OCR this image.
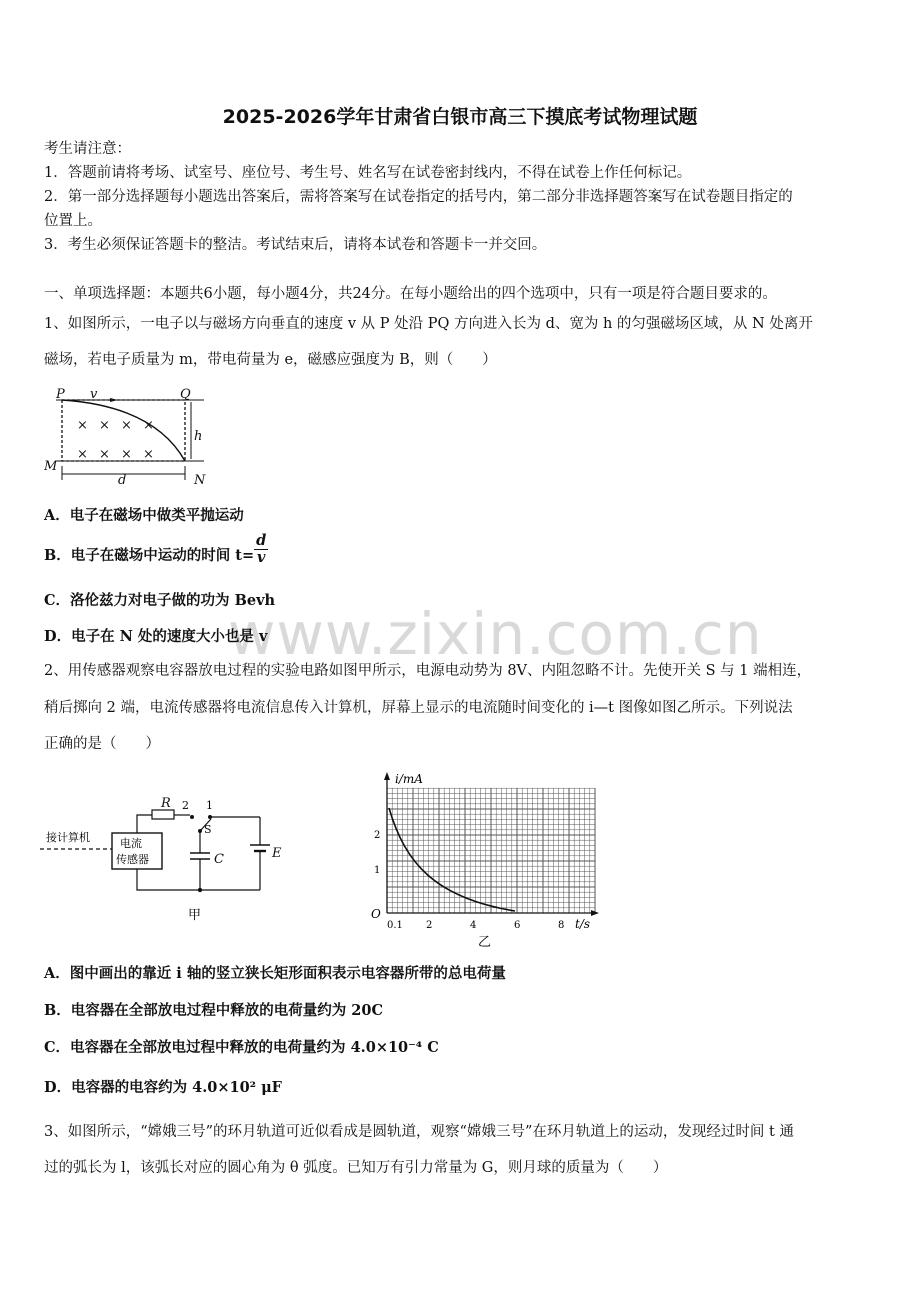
www.zixin.com.cn
2025-2026学年甘肃省白银市高三下摸底考试物理试题
考生请注意：
1．答题前请将考场、试室号、座位号、考生号、姓名写在试卷密封线内，不得在试卷上作任何标记。
2．第一部分选择题每小题选出答案后，需将答案写在试卷指定的括号内，第二部分非选择题答案写在试卷题目指定的
位置上。
3．考生必须保证答题卡的整洁。考试结束后，请将本试卷和答题卡一并交回。
一、单项选择题：本题共6小题，每小题4分，共24分。在每小题给出的四个选项中，只有一项是符合题目要求的。
1、如图所示，一电子以与磁场方向垂直的速度 v 从 P 处沿 PQ 方向进入长为 d、宽为 h 的匀强磁场区域，从 N 处离开
磁场，若电子质量为 m，带电荷量为 e，磁感应强度为 B，则（　　）
× × × ×
× × × ×
P v	Q
M
N
h
d
A．电子在磁场中做类平抛运动
B．电子在磁场中运动的时间 $t= \frac{d}{v}$
C．洛伦兹力对电子做的功为 Bevh
D．电子在 N 处的速度大小也是 v
2、用传感器观察电容器放电过程的实验电路如图甲所示，电源电动势为 8V、内阻忽略不计。先使开关 S 与 1 端相连，
稍后掷向 2 端，电流传感器将电流信息传入计算机，屏幕上显示的电流随时间变化的 i—t 图像如图乙所示。下列说法
正确的是（　　）
电流
传感器
接计算机
R
C	E
S
2 1
甲	O
i/mA
t/s
1
2
0.1 2	4	6	8
乙
A．图中画出的靠近 i 轴的竖立狭长矩形面积表示电容器所带的总电荷量
B．电容器在全部放电过程中释放的电荷量约为 20C
C．电容器在全部放电过程中释放的电荷量约为 4.0×10⁻⁴ C
D．电容器的电容约为 4.0×10² μF
3、如图所示，“嫦娥三号”的环月轨道可近似看成是圆轨道，观察“嫦娥三号”在环月轨道上的运动，发现经过时间 t 通
过的弧长为 l，该弧长对应的圆心角为 θ 弧度。已知万有引力常量为 G，则月球的质量为（　　）
